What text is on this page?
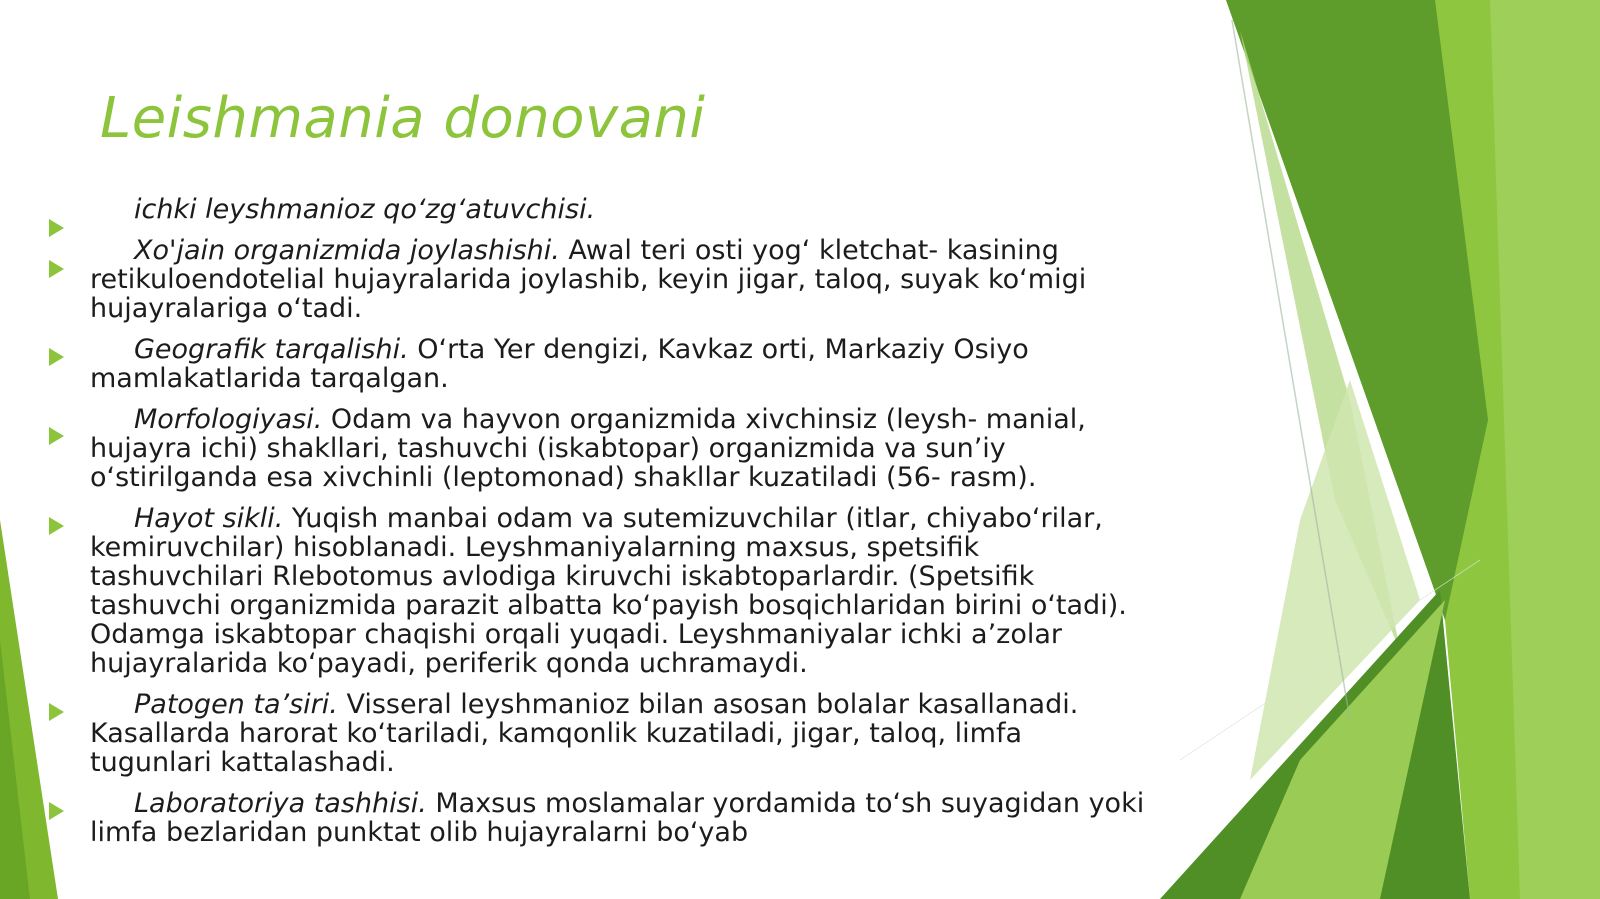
Leishmania donovani
ichki leyshmanioz qo‘zg‘atuvchisi.
Xo'jain organizmida joylashishi. Awal teri osti yog‘ kletchat- kasining retikuloendotelial hujayralarida joylashib, keyin jigar, taloq, suyak ko‘migi hujayralariga o‘tadi.
Geografik tarqalishi. O‘rta Yer dengizi, Kavkaz orti, Markaziy Osiyo mamlakatlarida tarqalgan.
Morfologiyasi. Odam va hayvon organizmida xivchinsiz (leysh- manial, hujayra ichi) shakllari, tashuvchi (iskabtopar) organizmida va sun’iy o‘stirilganda esa xivchinli (leptomonad) shakllar kuzatiladi (56- rasm).
Hayot sikli. Yuqish manbai odam va sutemizuvchilar (itlar, chiyabo‘rilar, kemiruvchilar) hisoblanadi. Leyshmaniyalarning maxsus, spetsifik tashuvchilari Rlebotomus avlodiga kiruvchi iskabtoparlardir. (Spetsifik tashuvchi organizmida parazit albatta ko‘payish bosqichlaridan birini o‘tadi). Odamga iskabtopar chaqishi orqali yuqadi. Leyshmaniyalar ichki a’zolar hujayralarida ko‘payadi, periferik qonda uchramaydi.
Patogen ta’siri. Visseral leyshmanioz bilan asosan bolalar kasallanadi. Kasallarda harorat ko‘tariladi, kamqonlik kuzatiladi, jigar, taloq, limfa tugunlari kattalashadi.
Laboratoriya tashhisi. Maxsus moslamalar yordamida to‘sh suyagidan yoki limfa bezlaridan punktat olib hujayralarni bo‘yab
